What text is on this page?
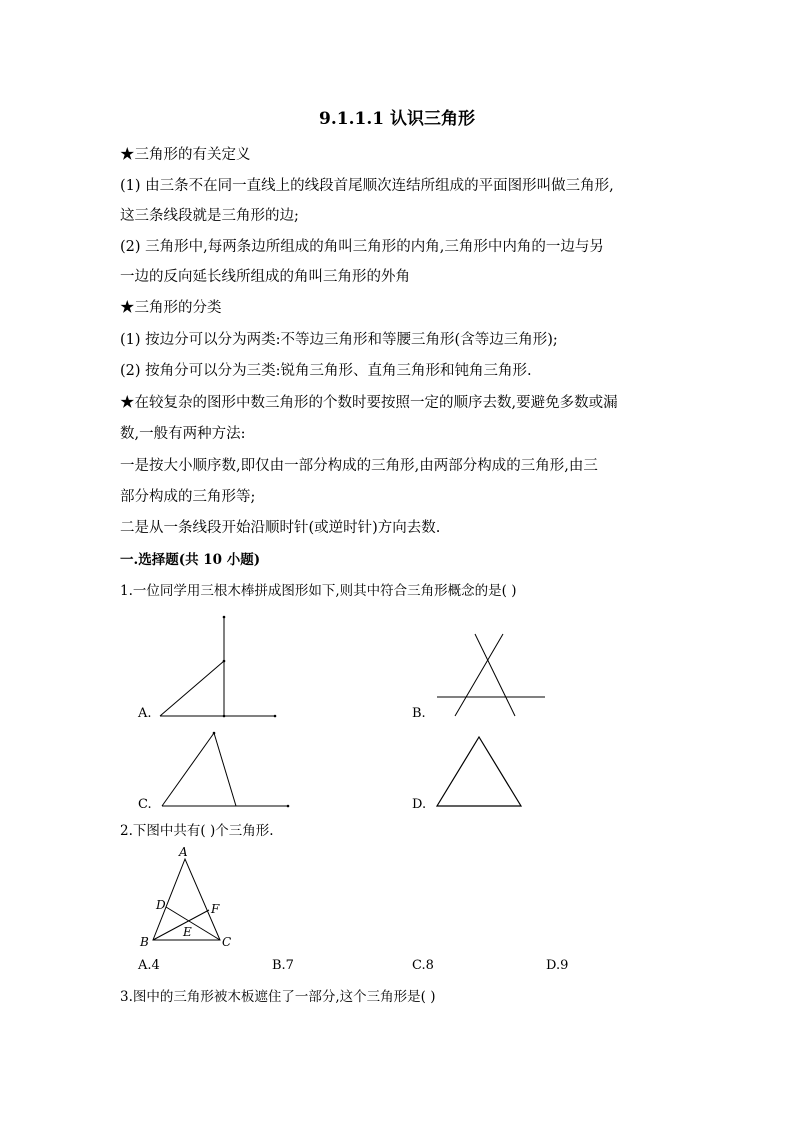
9.1.1.1 认识三角形
★三角形的有关定义
(1) 由三条不在同一直线上的线段首尾顺次连结所组成的平面图形叫做三角形,
这三条线段就是三角形的边;
(2) 三角形中,每两条边所组成的角叫三角形的内角,三角形中内角的一边与另
一边的反向延长线所组成的角叫三角形的外角
★三角形的分类
(1) 按边分可以分为两类:不等边三角形和等腰三角形(含等边三角形);
(2) 按角分可以分为三类:锐角三角形、直角三角形和钝角三角形.
★在较复杂的图形中数三角形的个数时要按照一定的顺序去数,要避免多数或漏
数,一般有两种方法:
一是按大小顺序数,即仅由一部分构成的三角形,由两部分构成的三角形,由三
部分构成的三角形等;
二是从一条线段开始沿顺时针(或逆时针)方向去数.
一.选择题(共 10 小题)
1.一位同学用三根木棒拼成图形如下,则其中符合三角形概念的是( )
A.	B.
C.	D.
2.下图中共有( )个三角形.
A
B	C
D
E
F
A.4	B.7	C.8	D.9
3.图中的三角形被木板遮住了一部分,这个三角形是( )
